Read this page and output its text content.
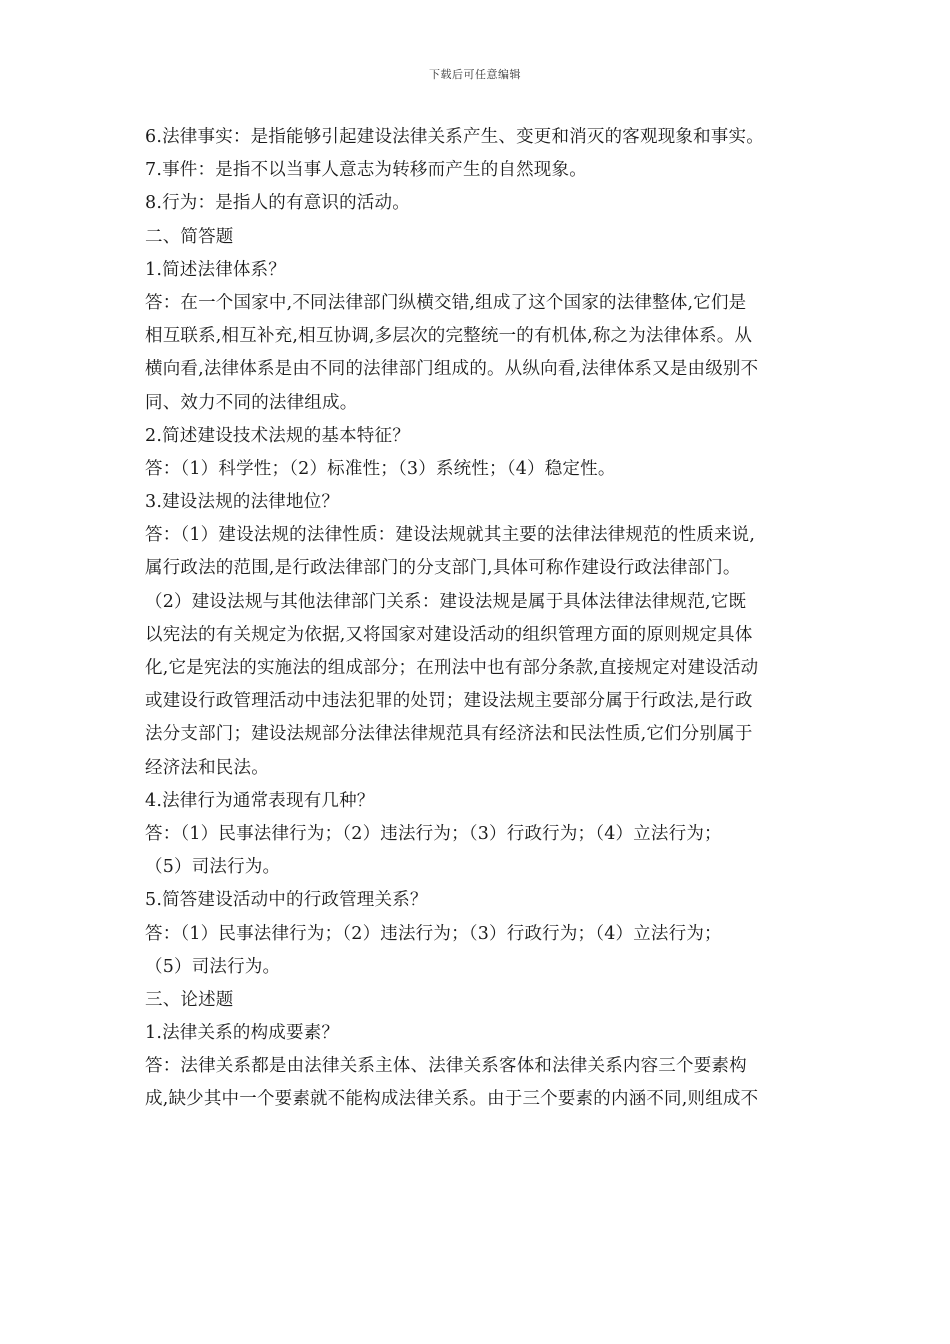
下载后可任意编辑
6.法律事实：是指能够引起建设法律关系产生、变更和消灭的客观现象和事实。
7.事件：是指不以当事人意志为转移而产生的自然现象。
8.行为：是指人的有意识的活动。
二、简答题
1.简述法律体系？
答：在一个国家中,不同法律部门纵横交错,组成了这个国家的法律整体,它们是
相互联系,相互补充,相互协调,多层次的完整统一的有机体,称之为法律体系。从
横向看,法律体系是由不同的法律部门组成的。从纵向看,法律体系又是由级别不
同、效力不同的法律组成。
2.简述建设技术法规的基本特征？
答：（1）科学性；（2）标准性；（3）系统性；（4）稳定性。
3.建设法规的法律地位？
答：（1）建设法规的法律性质：建设法规就其主要的法律法律规范的性质来说,
属行政法的范围,是行政法律部门的分支部门,具体可称作建设行政法律部门。
（2）建设法规与其他法律部门关系：建设法规是属于具体法律法律规范,它既
以宪法的有关规定为依据,又将国家对建设活动的组织管理方面的原则规定具体
化,它是宪法的实施法的组成部分；在刑法中也有部分条款,直接规定对建设活动
或建设行政管理活动中违法犯罪的处罚；建设法规主要部分属于行政法,是行政
法分支部门；建设法规部分法律法律规范具有经济法和民法性质,它们分别属于
经济法和民法。
4.法律行为通常表现有几种？
答：（1）民事法律行为；（2）违法行为；（3）行政行为；（4）立法行为；
（5）司法行为。
5.简答建设活动中的行政管理关系？
答：（1）民事法律行为；（2）违法行为；（3）行政行为；（4）立法行为；
（5）司法行为。
三、论述题
1.法律关系的构成要素？
答：法律关系都是由法律关系主体、法律关系客体和法律关系内容三个要素构
成,缺少其中一个要素就不能构成法律关系。由于三个要素的内涵不同,则组成不
